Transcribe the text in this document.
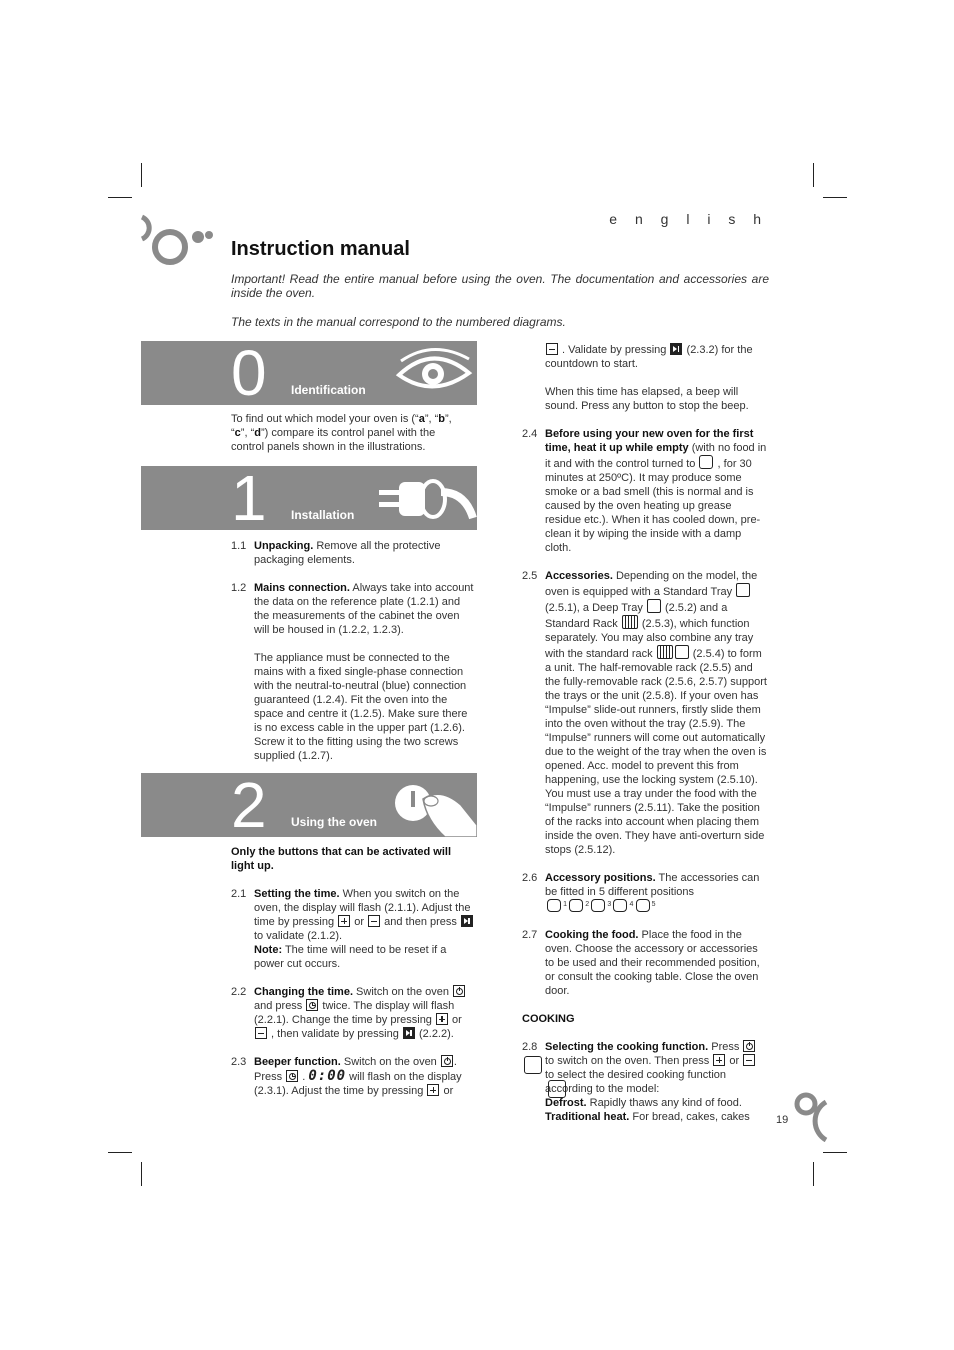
e n g l i s h
Instruction manual
Important! Read the entire manual before using the oven. The documentation and accessories are inside the oven.
The texts in the manual correspond to the numbered diagrams.
0 Identification
To find out which model your oven is (“a”, “b”, “c”, “d”) compare its control panel with the control panels shown in the illustrations.
1 Installation
1.1 Unpacking. Remove all the protective packaging elements.
1.2 Mains connection. Always take into account the data on the reference plate (1.2.1) and the measurements of the cabinet the oven will be housed in (1.2.2, 1.2.3).

The appliance must be connected to the mains with a fixed single-phase connection with the neutral-to-neutral (blue) connection guaranteed (1.2.4). Fit the oven into the space and centre it (1.2.5). Make sure there is no excess cable in the upper part (1.2.6). Screw it to the fitting using the two screws supplied (1.2.7).

2 Using the oven

Only the buttons that can be activated will light up.

2.1 Setting the time. When you switch on the oven, the display will flash (2.1.1). Adjust the time by pressing  or  and then press  to validate (2.1.2).
Note: The time will need to be reset if a power cut occurs.
2.2 Changing the time. Switch on the oven  and press  twice. The display will flash (2.2.1). Change the time by pressing  or  , then validate by pressing  (2.2.2).
2.3 Beeper function. Switch on the oven . Press  . 0:00 will flash on the display (2.3.1). Adjust the time by pressing  or
. Validate by pressing  (2.3.2) for the countdown to start.
When this time has elapsed, a beep will sound. Press any button to stop the beep.
2.4 Before using your new oven for the first time, heat it up while empty (with no food in it and with the control turned to  , for 30 minutes at 250ºC). It may produce some smoke or a bad smell (this is normal and is caused by the oven heating up grease residue etc.). When it has cooled down, pre-clean it by wiping the inside with a damp cloth.
2.5 Accessories. Depending on the model, the oven is equipped with a Standard Tray  (2.5.1), a Deep Tray  (2.5.2) and a Standard Rack  (2.5.3), which function separately. You may also combine any tray with the standard rack	(2.5.4) to form a unit. The half-removable rack (2.5.5) and the fully-removable rack (2.5.6, 2.5.7) support the trays or the unit (2.5.8). If your oven has “Impulse” slide-out runners, firstly slide them into the oven without the tray (2.5.9). The “Impulse” runners will come out automatically due to the weight of the tray when the oven is opened. Acc. model to prevent this from happening, use the locking system (2.5.10). You must use a tray under the food with the “Impulse” runners (2.5.11). Take the position of the racks into account when placing them inside the oven. They have anti-overturn side stops (2.5.12).
2.6 Accessory positions. The accessories can be fitted in 5 different positions

1
	2
	3
	4
	5
2.7 Cooking the food. Place the food in the oven. Choose the accessory or accessories to be used and their recommended position, or consult the cooking table. Close the oven door.

COOKING

2.8 Selecting the cooking function. Press  to switch on the oven. Then press  or  to select the desired cooking function according to the model:
Defrost. Rapidly thaws any kind of food.
Traditional heat. For bread, cakes, cakes
	19
